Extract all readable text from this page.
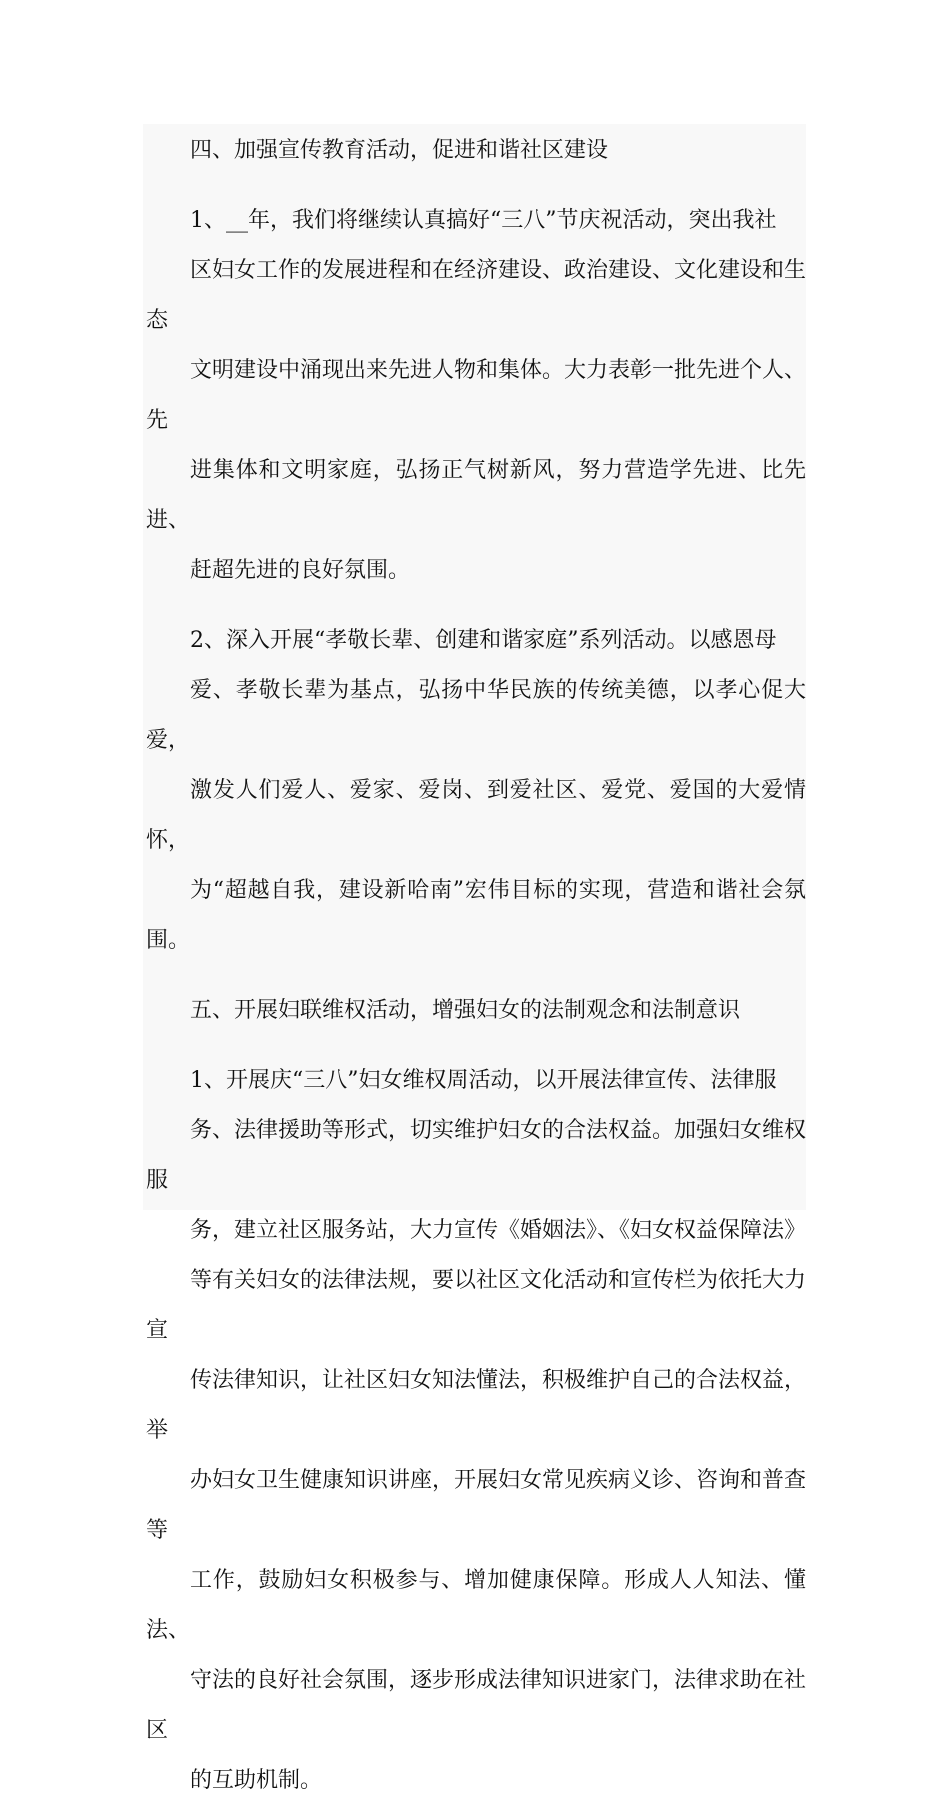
四、加强宣传教育活动，促进和谐社区建设

1、__年，我们将继续认真搞好“三八”节庆祝活动，突出我社
区妇女工作的发展进程和在经济建设、政治建设、文化建设和生态
文明建设中涌现出来先进人物和集体。大力表彰一批先进个人、先
进集体和文明家庭，弘扬正气树新风，努力营造学先进、比先进、
赶超先进的良好氛围。

2、深入开展“孝敬长辈、创建和谐家庭”系列活动。以感恩母
爱、孝敬长辈为基点，弘扬中华民族的传统美德，以孝心促大爱，
激发人们爱人、爱家、爱岗、到爱社区、爱党、爱国的大爱情怀，
为“超越自我，建设新哈南”宏伟目标的实现，营造和谐社会氛围。

五、开展妇联维权活动，增强妇女的法制观念和法制意识

1、开展庆“三八”妇女维权周活动，以开展法律宣传、法律服
务、法律援助等形式，切实维护妇女的合法权益。加强妇女维权服
务，建立社区服务站，大力宣传《婚姻法》、《妇女权益保障法》
等有关妇女的法律法规，要以社区文化活动和宣传栏为依托大力宣
传法律知识，让社区妇女知法懂法，积极维护自己的合法权益，举
办妇女卫生健康知识讲座，开展妇女常见疾病义诊、咨询和普查等
工作，鼓励妇女积极参与、增加健康保障。形成人人知法、懂法、
守法的良好社会氛围，逐步形成法律知识进家门，法律求助在社区
的互助机制。
